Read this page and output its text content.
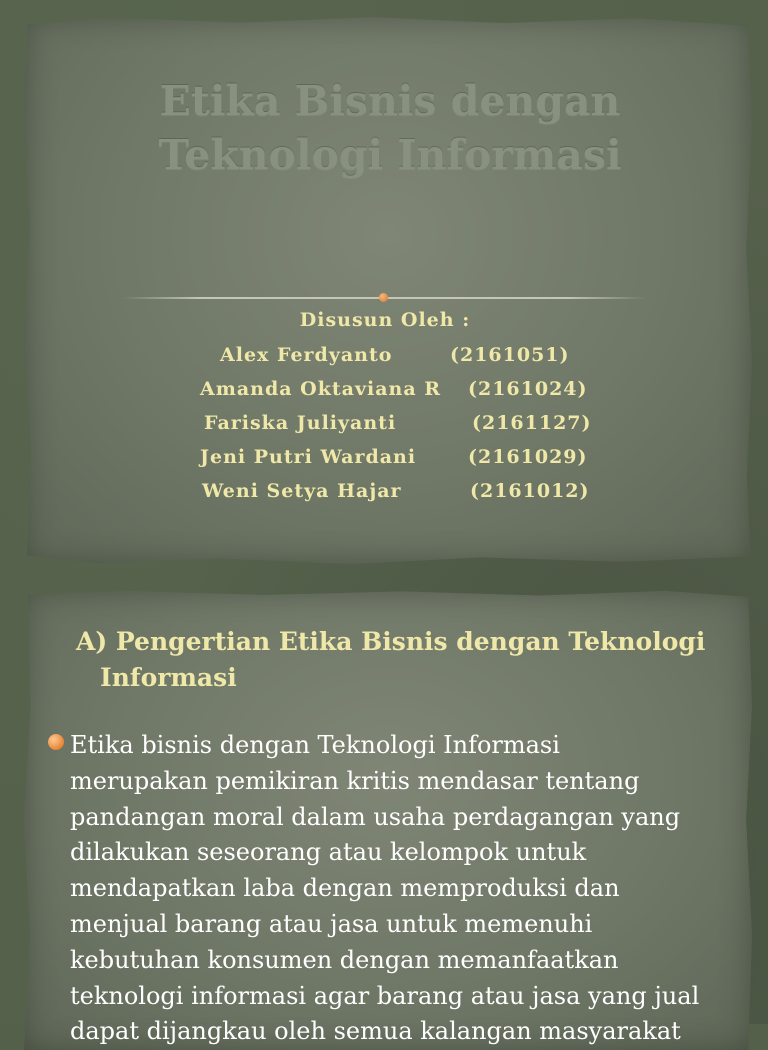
Etika Bisnis dengan
Teknologi Informasi
Disusun Oleh :
Alex Ferdyanto	(2161051)
Amanda Oktaviana R (2161024)
Fariska Juliyanti	(2161127)
Jeni Putri Wardani	(2161029)
Weni Setya Hajar	(2161012)
A) Pengertian Etika Bisnis dengan Teknologi
Informasi

Etika bisnis dengan Teknologi Informasi
merupakan pemikiran kritis mendasar tentang
pandangan moral dalam usaha perdagangan yang
dilakukan seseorang atau kelompok untuk
mendapatkan laba dengan memproduksi dan
menjual barang atau jasa untuk memenuhi
kebutuhan konsumen dengan memanfaatkan
teknologi informasi agar barang atau jasa yang jual
dapat dijangkau oleh semua kalangan masyarakat
